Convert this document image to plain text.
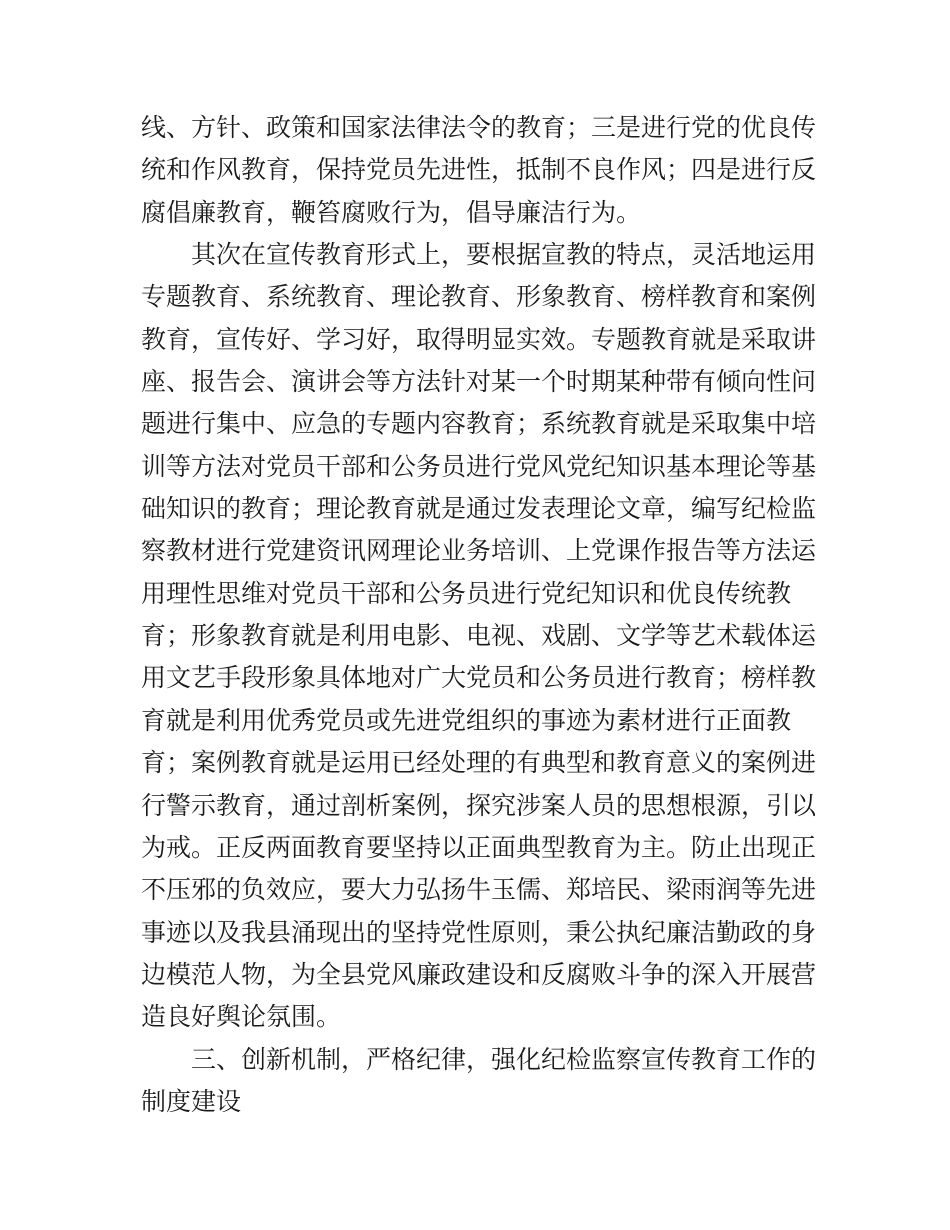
线、方针、政策和国家法律法令的教育；三是进行党的优良传
统和作风教育，保持党员先进性，抵制不良作风；四是进行反
腐倡廉教育，鞭笞腐败行为，倡导廉洁行为。
其次在宣传教育形式上，要根据宣教的特点，灵活地运用
专题教育、系统教育、理论教育、形象教育、榜样教育和案例
教育，宣传好、学习好，取得明显实效。专题教育就是采取讲
座、报告会、演讲会等方法针对某一个时期某种带有倾向性问
题进行集中、应急的专题内容教育；系统教育就是采取集中培
训等方法对党员干部和公务员进行党风党纪知识基本理论等基
础知识的教育；理论教育就是通过发表理论文章，编写纪检监
察教材进行党建资讯网理论业务培训、上党课作报告等方法运
用理性思维对党员干部和公务员进行党纪知识和优良传统教
育；形象教育就是利用电影、电视、戏剧、文学等艺术载体运
用文艺手段形象具体地对广大党员和公务员进行教育；榜样教
育就是利用优秀党员或先进党组织的事迹为素材进行正面教
育；案例教育就是运用已经处理的有典型和教育意义的案例进
行警示教育，通过剖析案例，探究涉案人员的思想根源，引以
为戒。正反两面教育要坚持以正面典型教育为主。防止出现正
不压邪的负效应，要大力弘扬牛玉儒、郑培民、梁雨润等先进
事迹以及我县涌现出的坚持党性原则，秉公执纪廉洁勤政的身
边模范人物，为全县党风廉政建设和反腐败斗争的深入开展营
造良好舆论氛围。
三、创新机制，严格纪律，强化纪检监察宣传教育工作的
制度建设
